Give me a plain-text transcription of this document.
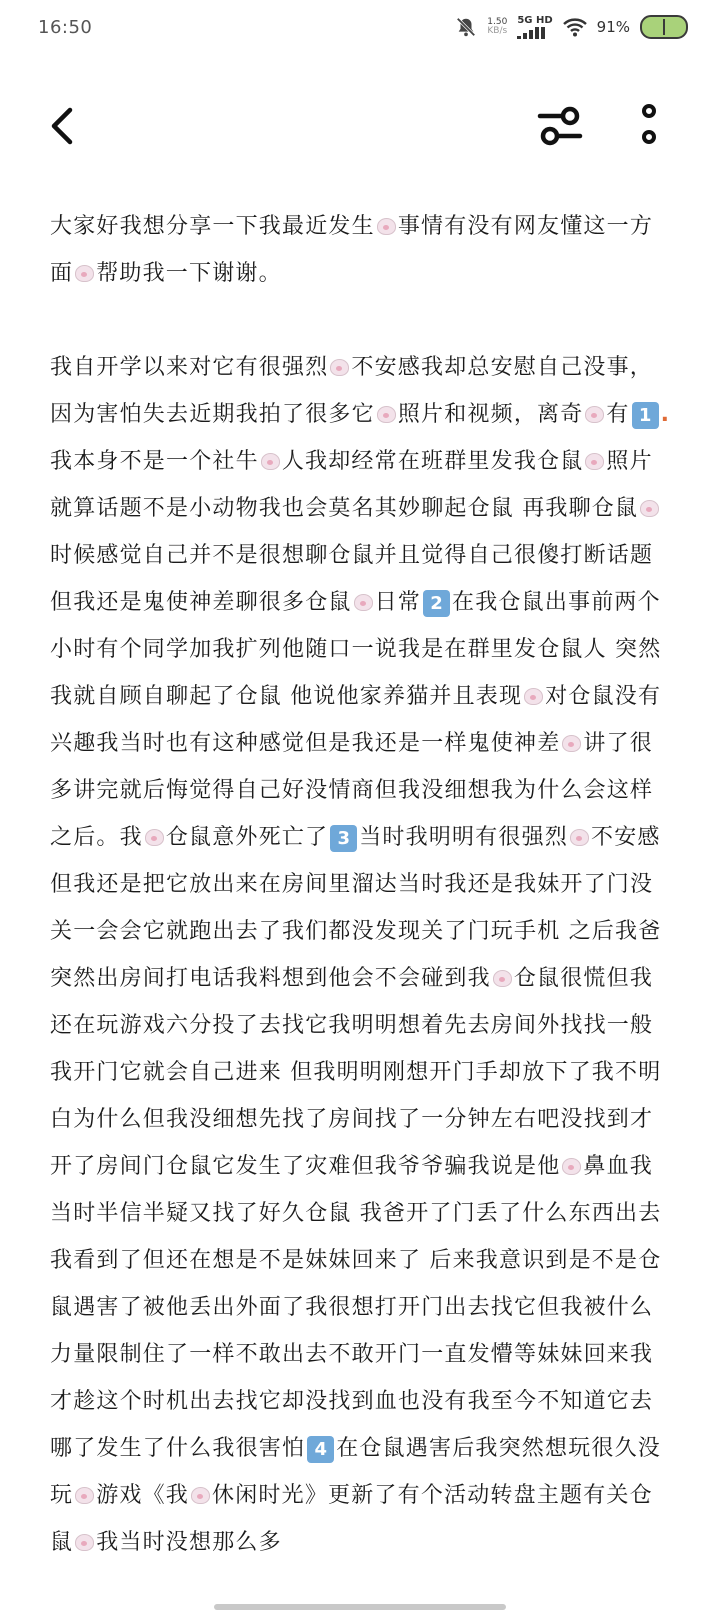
16:50	1.50
KB/s
5G HD	91%

大家好我想分享一下我最近发生 事情有没有网友懂这一方面 帮助我一下谢谢。

我自开学以来对它有很强烈 不安感我却总安慰自己没事，因为害怕失去近期我拍了很多它 照片和视频，离奇 有 1 .我本身不是一个社牛 人我却经常在班群里发我仓鼠 照片 就算话题不是小动物我也会莫名其妙聊起仓鼠 再我聊仓鼠时候感觉自己并不是很想聊仓鼠并且觉得自己很傻打断话题但我还是鬼使神差聊很多仓鼠 日常 2 在我仓鼠出事前两个小时有个同学加我扩列他随口一说我是在群里发仓鼠人 突然我就自顾自聊起了仓鼠 他说他家养猫并且表现 对仓鼠没有兴趣我当时也有这种感觉但是我还是一样鬼使神差 讲了很多讲完就后悔觉得自己好没情商但我没细想我为什么会这样之后。我 仓鼠意外死亡了 3 当时我明明有很强烈 不安感但我还是把它放出来在房间里溜达当时我还是我妹开了门没关一会会它就跑出去了我们都没发现关了门玩手机 之后我爸突然出房间打电话我料想到他会不会碰到我 仓鼠很慌但我还在玩游戏六分投了去找它我明明想着先去房间外找找一般我开门它就会自己进来 但我明明刚想开门手却放下了我不明白为什么但我没细想先找了房间找了一分钟左右吧没找到才开了房间门仓鼠它发生了灾难但我爷爷骗我说是他 鼻血我当时半信半疑又找了好久仓鼠 我爸开了门丢了什么东西出去我看到了但还在想是不是妹妹回来了 后来我意识到是不是仓鼠遇害了被他丢出外面了我很想打开门出去找它但我被什么力量限制住了一样不敢出去不敢开门一直发懵等妹妹回来我才趁这个时机出去找它却没找到血也没有我至今不知道它去哪了发生了什么我很害怕 4 在仓鼠遇害后我突然想玩很久没玩 游戏《我 休闲时光》更新了有个活动转盘主题有关仓鼠 我当时没想那么多
